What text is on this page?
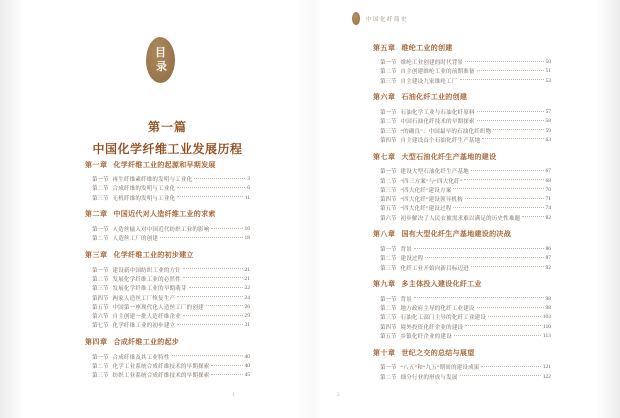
目
录
第一篇
中国化学纤维工业发展历程
第一章 化学纤维工业的起源和早期发展
第一节 再生纤维素纤维的发明与工业化	3
第二节 合成纤维的发明与工业化	6
第三节 无机纤维的发明与工业化	11
第二章 中国近代对人造纤维工业的求索
第一节 人造丝输入对中国近代纺织工业的影响	16
第二节 人造丝工厂的创建	18
第三章 化学纤维工业的初步建立
第一节 建设新中国纺织工业的方针	21
第二节 发展化学纤维工业的必然性	21
第三节 发展化学纤维工业的早期萌芽	22
第四节 两家人造丝工厂恢复生产	24
第五节 中国第一座现代化人造丝工厂的创建	26
第六节 自主创建一批人造纤维企业	29
第七节 化学纤维工业的初步建立	31
第四章 合成纤维工业的起步
第一节 合成纤维及其工业特性	40
第二节 化学工业系统合成纤维技术的早期探索	40
第三节 纺织工业系统合成纤维技术的早期探索	45
中国化纤简史
第五章 维纶工业的创建
第一节 维纶工业创建的时代背景	50
第二节 自主创建维纶工业的前期准备	51
第三节 自主建设九家维纶工厂	53
第六章 石油化纤工业的创建
第一节 石油化学工业与石油化纤原料	57
第二节 中国石油化纤技术的早期探索	58
第三节 “的确良”：中国最早的石油化纤织物	59
第四节 自主建设首个石油化纤生产基地	63
第七章 大型石油化纤生产基地的建设
第一节 建设大型石油化纤生产基地	67
第二节 “四三方案”与“四大化纤”	68
第三节 “四大化纤”建设方案	70
第四节 “四大化纤”建设领导机构	71
第五节 “四大化纤”建设过程	74
第六节 初步解决了人民衣被需求难以满足的历史性难题	82
第八章 国有大型化纤生产基地建设的决战
第一节 背景	86
第二节 建设过程	87
第三节 化纤工业开始向新目标迈进	92
第九章 多主体投入建设化纤工业
第一节 背景	98
第二节 地方政府主导的化纤工业建设	98
第三节 石油化工部门主导的化纤工业建设	103
第四节 境外投资化纤企业的建设	110
第五节 乡镇化纤企业的建设	113
第十章 世纪之交的总结与展望
第一节 “八五”和“九五”期间的建设成果	121
第二节 细分行业的形成与发展	122
1	2
